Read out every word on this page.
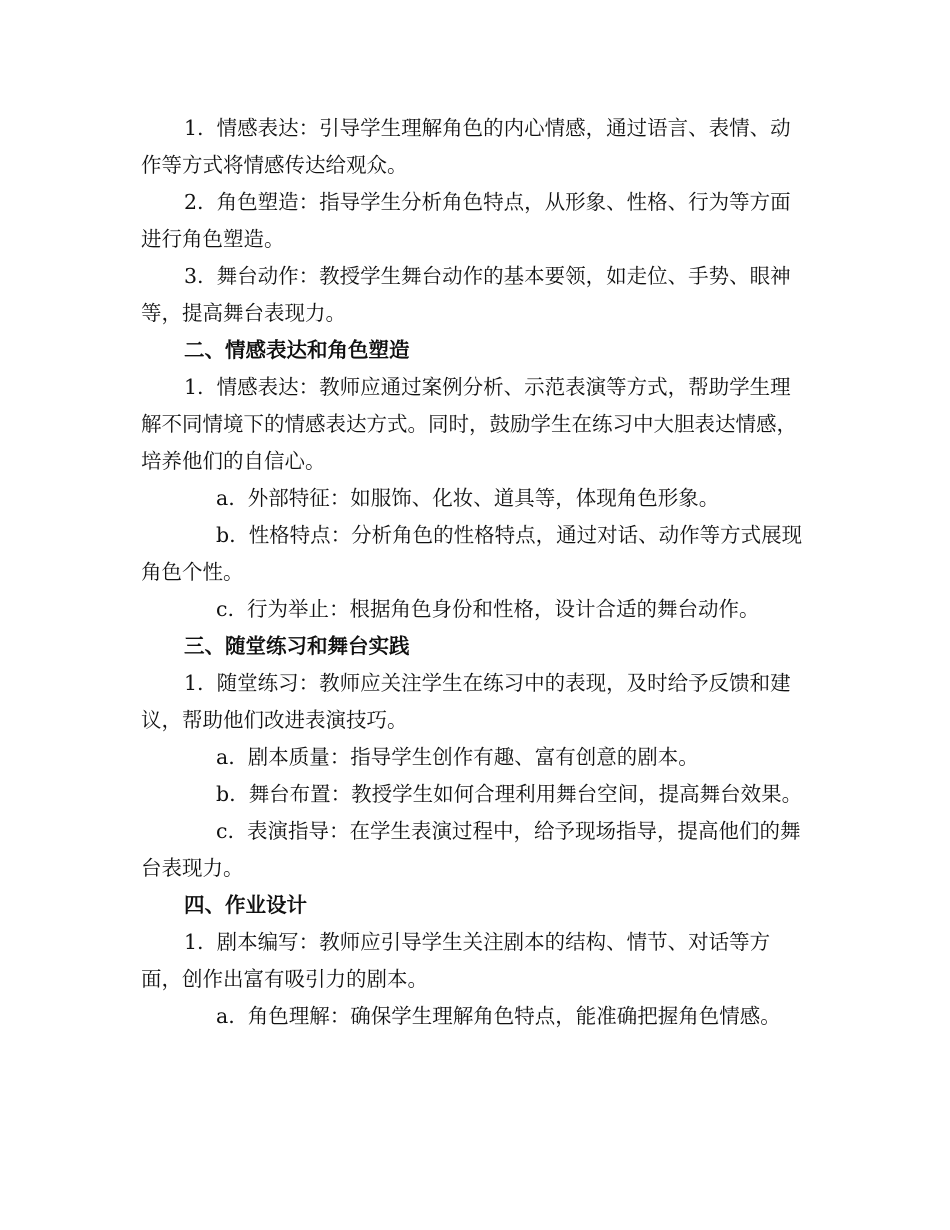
1. 情感表达：引导学生理解角色的内心情感，通过语言、表情、动作等方式将情感传达给观众。

2. 角色塑造：指导学生分析角色特点，从形象、性格、行为等方面进行角色塑造。

3. 舞台动作：教授学生舞台动作的基本要领，如走位、手势、眼神等，提高舞台表现力。

二、情感表达和角色塑造

1. 情感表达：教师应通过案例分析、示范表演等方式，帮助学生理解不同情境下的情感表达方式。同时，鼓励学生在练习中大胆表达情感，培养他们的自信心。

a. 外部特征：如服饰、化妆、道具等，体现角色形象。

b. 性格特点：分析角色的性格特点，通过对话、动作等方式展现角色个性。

c. 行为举止：根据角色身份和性格，设计合适的舞台动作。

三、随堂练习和舞台实践

1. 随堂练习：教师应关注学生在练习中的表现，及时给予反馈和建议，帮助他们改进表演技巧。

a. 剧本质量：指导学生创作有趣、富有创意的剧本。

b. 舞台布置：教授学生如何合理利用舞台空间，提高舞台效果。

c. 表演指导：在学生表演过程中，给予现场指导，提高他们的舞台表现力。

四、作业设计

1. 剧本编写：教师应引导学生关注剧本的结构、情节、对话等方面，创作出富有吸引力的剧本。

a. 角色理解：确保学生理解角色特点，能准确把握角色情感。
